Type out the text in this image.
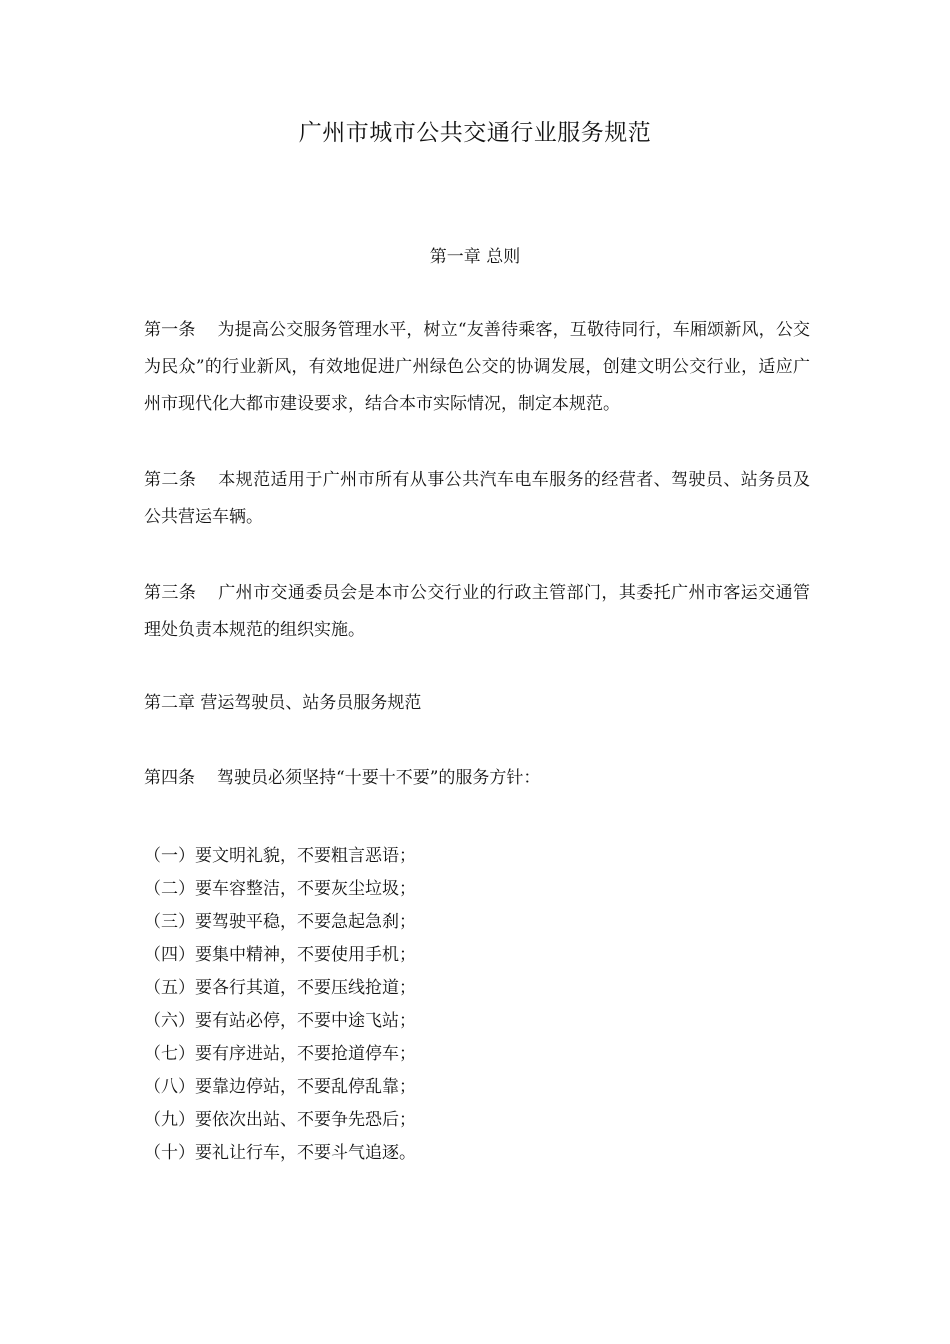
广州市城市公共交通行业服务规范
第一章 总则
第一条 为提高公交服务管理水平，树立“友善待乘客，互敬待同行，车厢颂新风，公交为民众”的行业新风，有效地促进广州绿色公交的协调发展，创建文明公交行业，适应广州市现代化大都市建设要求，结合本市实际情况，制定本规范。
第二条 本规范适用于广州市所有从事公共汽车电车服务的经营者、驾驶员、站务员及公共营运车辆。
第三条 广州市交通委员会是本市公交行业的行政主管部门，其委托广州市客运交通管理处负责本规范的组织实施。
第二章 营运驾驶员、站务员服务规范
第四条 驾驶员必须坚持“十要十不要”的服务方针：
（一）要文明礼貌，不要粗言恶语；
（二）要车容整洁，不要灰尘垃圾；
（三）要驾驶平稳，不要急起急刹；
（四）要集中精神，不要使用手机；
（五）要各行其道，不要压线抢道；
（六）要有站必停，不要中途飞站；
（七）要有序进站，不要抢道停车；
（八）要靠边停站，不要乱停乱靠；
（九）要依次出站、不要争先恐后；
（十）要礼让行车，不要斗气追逐。
